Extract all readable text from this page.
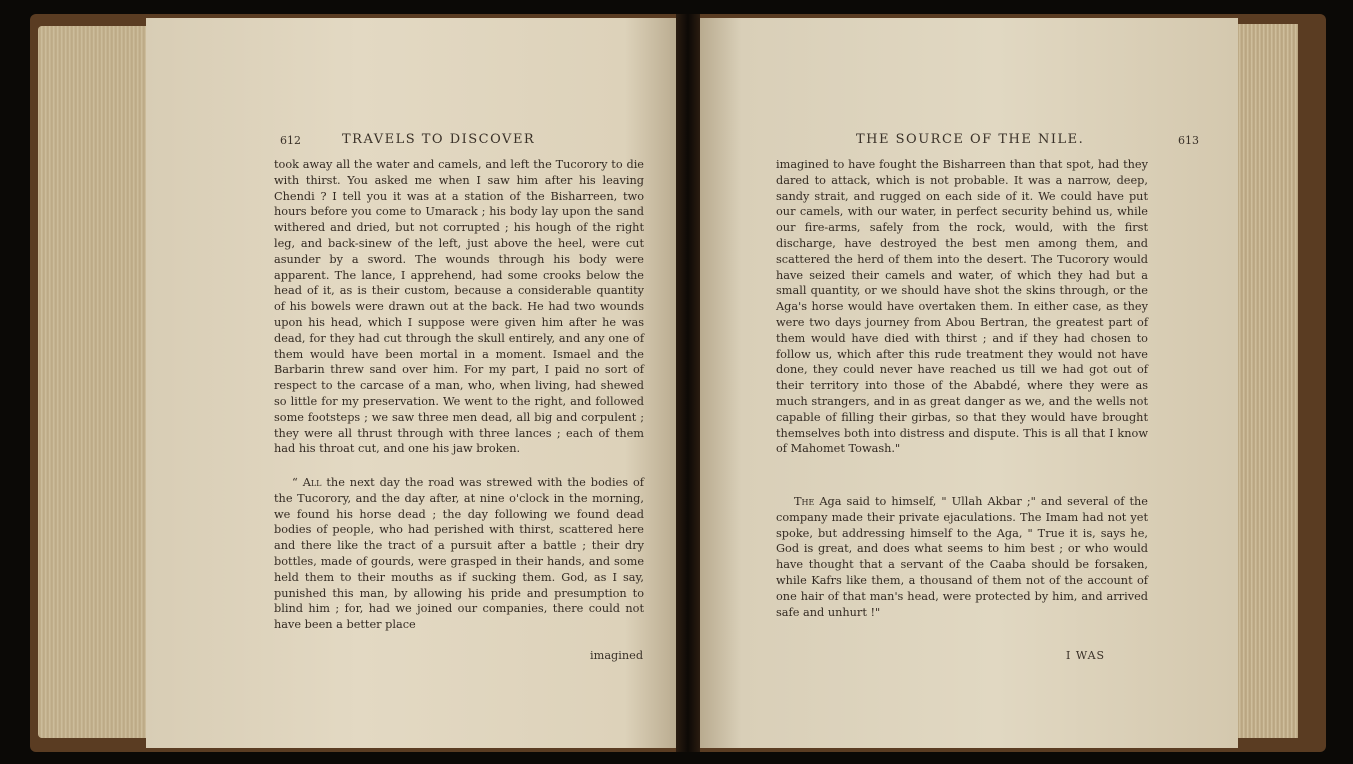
612	TRAVELS TO DISCOVER

took away all the water and camels, and left the Tucorory to die with thirst. You asked me when I saw him after his leaving Chendi ? I tell you it was at a station of the Bisharreen, two hours before you come to Umarack ; his body lay upon the sand withered and dried, but not corrupted ; his hough of the right leg, and back-sinew of the left, just above the heel, were cut asunder by a sword. The wounds through his body were apparent. The lance, I apprehend, had some crooks below the head of it, as is their custom, because a considerable quantity of his bowels were drawn out at the back. He had two wounds upon his head, which I suppose were given him after he was dead, for they had cut through the skull entirely, and any one of them would have been mortal in a moment. Ismael and the Barbarin threw sand over him. For my part, I paid no sort of respect to the carcase of a man, who, when living, had shewed so little for my preservation. We went to the right, and followed some footsteps ; we saw three men dead, all big and corpulent ; they were all thrust through with three lances ; each of them had his throat cut, and one his jaw broken.

“ All the next day the road was strewed with the bodies of the Tucorory, and the day after, at nine o'clock in the morning, we found his horse dead ; the day following we found dead bodies of people, who had perished with thirst, scattered here and there like the tract of a pursuit after a battle ; their dry bottles, made of gourds, were grasped in their hands, and some held them to their mouths as if sucking them. God, as I say, punished this man, by allowing his pride and presumption to blind him ; for, had we joined our companies, there could not have been a better place

imagined
THE SOURCE OF THE NILE.	613

imagined to have fought the Bisharreen than that spot, had they dared to attack, which is not probable. It was a narrow, deep, sandy strait, and rugged on each side of it. We could have put our camels, with our water, in perfect security behind us, while our fire-arms, safely from the rock, would, with the first discharge, have destroyed the best men among them, and scattered the herd of them into the desert. The Tucorory would have seized their camels and water, of which they had but a small quantity, or we should have shot the skins through, or the Aga's horse would have overtaken them. In either case, as they were two days journey from Abou Bertran, the greatest part of them would have died with thirst ; and if they had chosen to follow us, which after this rude treatment they would not have done, they could never have reached us till we had got out of their territory into those of the Ababdé, where they were as much strangers, and in as great danger as we, and the wells not capable of filling their girbas, so that they would have brought themselves both into distress and dispute. This is all that I know of Mahomet Towash."

The Aga said to himself, " Ullah Akbar ;" and several of the company made their private ejaculations. The Imam had not yet spoke, but addressing himself to the Aga, " True it is, says he, God is great, and does what seems to him best ; or who would have thought that a servant of the Caaba should be forsaken, while Kafrs like them, a thousand of them not of the account of one hair of that man's head, were protected by him, and arrived safe and unhurt !"

I WAS
